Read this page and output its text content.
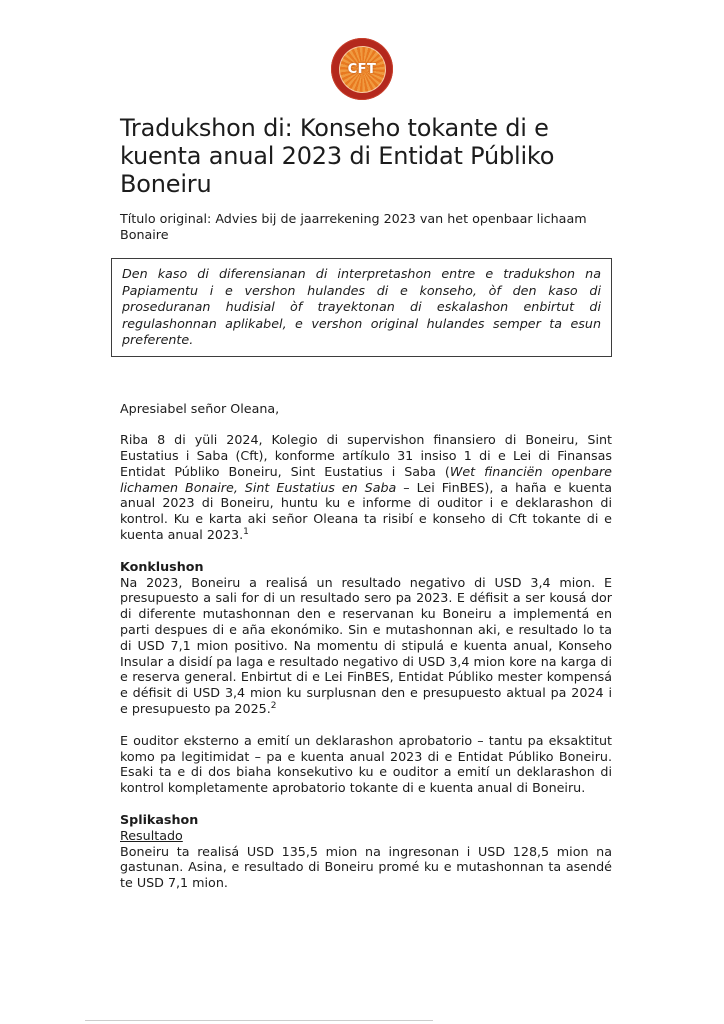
CFT
Tradukshon di: Konseho tokante di e kuenta anual 2023 di Entidat Públiko Boneiru

Título original: Advies bij de jaarrekening 2023 van het openbaar lichaam Bonaire

Den kaso di diferensianan di interpretashon entre e tradukshon na Papiamentu i e vershon hulandes di e konseho, òf den kaso di proseduranan hudisial òf trayektonan di eskalashon enbirtut di regulashonnan aplikabel, e vershon original hulandes semper ta esun preferente.

Apresiabel señor Oleana,

Riba 8 di yüli 2024, Kolegio di supervishon finansiero di Boneiru, Sint Eustatius i Saba (Cft), konforme artíkulo 31 insiso 1 di e Lei di Finansas Entidat Públiko Boneiru, Sint Eustatius i Saba (Wet financiën openbare lichamen Bonaire, Sint Eustatius en Saba – Lei FinBES), a haña e kuenta anual 2023 di Boneiru, huntu ku e informe di ouditor i e deklarashon di kontrol. Ku e karta aki señor Oleana ta risibí e konseho di Cft tokante di e kuenta anual 2023.$^1$

Konklushon

Na 2023, Boneiru a realisá un resultado negativo di USD 3,4 mion. E presupuesto a sali for di un resultado sero pa 2023. E défisit a ser kousá dor di diferente mutashonnan den e reservanan ku Boneiru a implementá en parti despues di e aña ekonómiko. Sin e mutashonnan aki, e resultado lo ta di USD 7,1 mion positivo. Na momentu di stipulá e kuenta anual, Konseho Insular a disidí pa laga e resultado negativo di USD 3,4 mion kore na karga di e reserva general. Enbirtut di e Lei FinBES, Entidat Públiko mester kompensá e défisit di USD 3,4 mion ku surplusnan den e presupuesto aktual pa 2024 i e presupuesto pa 2025.$^2$

E ouditor eksterno a emití un deklarashon aprobatorio – tantu pa eksaktitut komo pa legitimidat – pa e kuenta anual 2023 di e Entidat Públiko Boneiru. Esaki ta e di dos biaha konsekutivo ku e ouditor a emití un deklarashon di kontrol kompletamente aprobatorio tokante di e kuenta anual di Boneiru.

Splikashon

Resultado

Boneiru ta realisá USD 135,5 mion na ingresonan i USD 128,5 mion na gastunan. Asina, e resultado di Boneiru promé ku e mutashonnan ta asendé te USD 7,1 mion.
